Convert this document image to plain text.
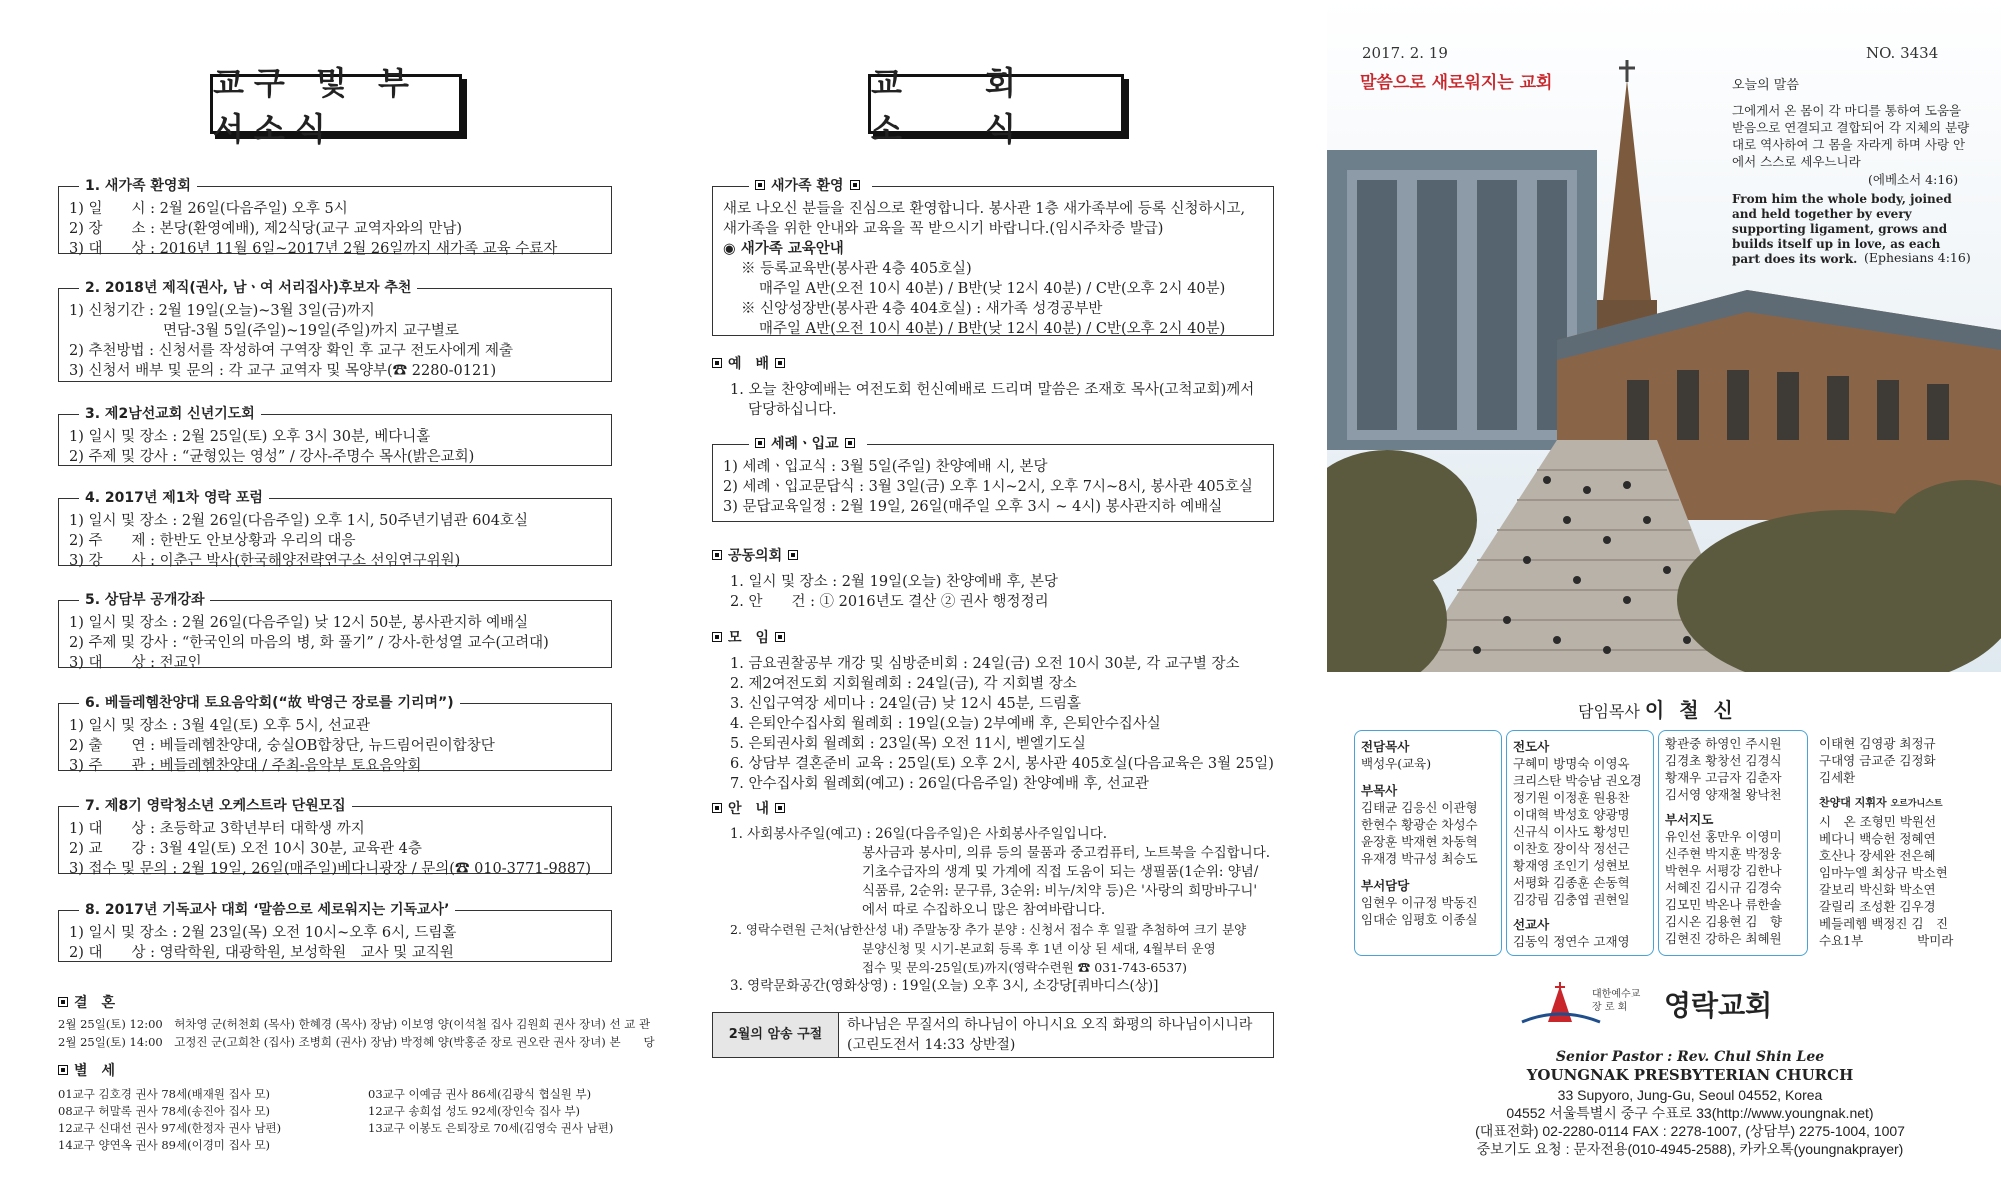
교구 및 부서소식
1. 새가족 환영회
1) 일　　시 : 2월 26일(다음주일) 오후 5시
2) 장　　소 : 본당(환영예배), 제2식당(교구 교역자와의 만남)
3) 대　　상 : 2016년 11월 6일~2017년 2월 26일까지 새가족 교육 수료자
2. 2018년 제직(권사, 남ㆍ여 서리집사)후보자 추천
1) 신청기간 : 2월 19일(오늘)~3월 3일(금)까지
면담-3월 5일(주일)~19일(주일)까지 교구별로
2) 추천방법 : 신청서를 작성하여 구역장 확인 후 교구 전도사에게 제출
3) 신청서 배부 및 문의 : 각 교구 교역자 및 목양부(☎ 2280-0121)
3. 제2남선교회 신년기도회
1) 일시 및 장소 : 2월 25일(토) 오후 3시 30분, 베다니홀
2) 주제 및 강사 : “균형있는 영성” / 강사-주명수 목사(밝은교회)
4. 2017년 제1차 영락 포럼
1) 일시 및 장소 : 2월 26일(다음주일) 오후 1시, 50주년기념관 604호실
2) 주　　제 : 한반도 안보상황과 우리의 대응
3) 강　　사 : 이춘근 박사(한국해양전략연구소 선임연구위원)
5. 상담부 공개강좌
1) 일시 및 장소 : 2월 26일(다음주일) 낮 12시 50분, 봉사관지하 예배실
2) 주제 및 강사 : “한국인의 마음의 병, 화 풀기” / 강사-한성열 교수(고려대)
3) 대　　상 : 전교인
6. 베들레헴찬양대 토요음악회(“故 박영근 장로를 기리며”)
1) 일시 및 장소 : 3월 4일(토) 오후 5시, 선교관
2) 출　　연 : 베들레헴찬양대, 숭실OB합창단, 뉴드림어린이합창단
3) 주　　관 : 베들레헴찬양대 / 주최-음악부 토요음악회
7. 제8기 영락청소년 오케스트라 단원모집
1) 대　　상 : 초등학교 3학년부터 대학생 까지
2) 교　　강 : 3월 4일(토) 오전 10시 30분, 교육관 4층
3) 접수 및 문의 : 2월 19일, 26일(매주일)베다니광장 / 문의(☎ 010-3771-9887)
8. 2017년 기독교사 대회 ‘말씀으로 세로워지는 기독교사’
1) 일시 및 장소 : 2월 23일(목) 오전 10시~오후 6시, 드림홀
2) 대　　상 : 영락학원, 대광학원, 보성학원　교사 및 교직원
결　혼
2월 25일(토) 12:00　허차영 군(허천회 (목사) 한혜경 (목사) 장남) 이보영 양(이석철 집사 김원희 권사 장녀) 선 교 관
2월 25일(토) 14:00　고정진 군(고희찬 (집사) 조병희 (권사) 장남) 박정혜 양(박홍준 장로 권오란 권사 장녀) 본　　당
별　세
01교구 김호경 권사 78세(배재원 집사 모)
08교구 허말록 권사 78세(송진아 집사 모)
12교구 신대선 권사 97세(한정자 권사 남편)
14교구 양연옥 권사 89세(이경미 집사 모)
03교구 이예금 권사 86세(김광식 협실원 부)
12교구 송희섭 성도 92세(장인숙 집사 부)
13교구 이봉도 은퇴장로 70세(김영숙 권사 남편)
교 회 소 식
새가족 환영
새로 나오신 분들을 진심으로 환영합니다. 봉사관 1층 새가족부에 등록 신청하시고,
새가족을 위한 안내와 교육을 꼭 받으시기 바랍니다.(임시주차증 발급)
◉ 새가족 교육안내
※ 등록교육반(봉사관 4층 405호실)
매주일 A반(오전 10시 40분) / B반(낮 12시 40분) / C반(오후 2시 40분)
※ 신앙성장반(봉사관 4층 404호실) : 새가족 성경공부반
매주일 A반(오전 10시 40분) / B반(낮 12시 40분) / C반(오후 2시 40분)
예　배
1. 오늘 찬양예배는 여전도회 헌신예배로 드리며 말씀은 조재호 목사(고척교회)께서
담당하십니다.
세례ㆍ입교
1) 세례ㆍ입교식 : 3월 5일(주일) 찬양예배 시, 본당
2) 세례ㆍ입교문답식 : 3월 3일(금) 오후 1시~2시, 오후 7시~8시, 봉사관 405호실
3) 문답교육일정 : 2월 19일, 26일(매주일 오후 3시 ~ 4시) 봉사관지하 예배실
공동의회
1. 일시 및 장소 : 2월 19일(오늘) 찬양예배 후, 본당
2. 안　　건 : ① 2016년도 결산 ② 권사 행정정리
모　임
1. 금요권찰공부 개강 및 심방준비회 : 24일(금) 오전 10시 30분, 각 교구별 장소
2. 제2여전도회 지회월례회 : 24일(금), 각 지회별 장소
3. 신입구역장 세미나 : 24일(금) 낮 12시 45분, 드림홀
4. 은퇴안수집사회 월례회 : 19일(오늘) 2부예배 후, 은퇴안수집사실
5. 은퇴권사회 월례회 : 23일(목) 오전 11시, 벧엘기도실
6. 상담부 결혼준비 교육 : 25일(토) 오후 2시, 봉사관 405호실(다음교육은 3월 25일)
7. 안수집사회 월례회(예고) : 26일(다음주일) 찬양예배 후, 선교관
안　내
1. 사회봉사주일(예고) : 26일(다음주일)은 사회봉사주일입니다.
봉사금과 봉사미, 의류 등의 물품과 중고컴퓨터, 노트북을 수집합니다.
기초수급자의 생계 및 가계에 직접 도움이 되는 생필품(1순위: 양념/
식품류, 2순위: 문구류, 3순위: 비누/치약 등)은 '사랑의 희망바구니'
에서 따로 수집하오니 많은 참여바랍니다.
2. 영락수련원 근처(남한산성 내) 주말농장 추가 분양 : 신청서 접수 후 일괄 추첨하여 크기 분양
분양신청 및 시기-본교회 등록 후 1년 이상 된 세대, 4월부터 운영
접수 및 문의-25일(토)까지(영락수련원 ☎ 031-743-6537)
3. 영락문화공간(영화상영) : 19일(오늘) 오후 3시, 소강당[쿼바디스(상)]
2월의 암송 구절
하나님은 무질서의 하나님이 아니시요 오직 화평의 하나님이시니라
(고린도전서 14:33 상반절)
2017. 2. 19	NO. 3434
말씀으로 새로워지는 교회	오늘의 말씀
그에게서 온 몸이 각 마디를 통하여 도움을 받음으로 연결되고 결합되어 각 지체의 분량대로 역사하여 그 몸을 자라게 하며 사랑 안에서 스스로 세우느니라
(에베소서 4:16)
From him the whole body, joined and held together by every supporting ligament, grows and builds itself up in love, as each part does its work. (Ephesians 4:16)
담임목사 이 철 신
전담목사
백성우(교육)
부목사
김태균 김응신 이관형
한현수 황광순 차성수
윤장훈 박재현 차동혁
유재경 박규성 최승도
부서담당
임현우 이규정 박동진
임대순 임평호 이종실
전도사
구혜미 방명숙 이영옥
크리스탄 박승남 권오경
정기원 이정훈 원용찬
이대혁 박성호 양광명
신규식 이사도 황성민
이찬호 장이삭 정선근
황재영 조인기 성현보
서평화 김종훈 손동혁
김강림 김충엽 권현일
선교사
김동익 정연수 고재영
황관중 하영인 주시원
김경초 황창선 김경식
황재우 고금자 김춘자
김서영 양재철 왕낙천
부서지도
유인선 홍만우 이영미
신주현 박지훈 박정웅
박현우 서평강 김한나
서혜진 김시규 김경숙
김모민 박온나 류한솔
김시온 김용현 김　향
김현진 강하은 최혜원
이태현 김영광 최정규
구대영 금교준 김정화
김세환
찬양대 지휘자 오르가니스트
시　온 조형민 박원선
베다니 백승헌 정혜연
호산나 장세완 전은혜
임마누엘 최상규 박소현
갈보리 박신화 박소연
갈릴리 조성환 김우경
베들레헴 백정진 김　진
수요1부　　　　 박미라
대한예수교
장 로 회	영락교회
Senior Pastor : Rev. Chul Shin Lee
YOUNGNAK PRESBYTERIAN CHURCH
33 Supyoro, Jung-Gu, Seoul 04552, Korea
04552 서울특별시 중구 수표로 33(http://www.youngnak.net)
(대표전화) 02-2280-0114 FAX : 2278-1007, (상담부) 2275-1004, 1007
중보기도 요청 : 문자전용(010-4945-2588), 카카오톡(youngnakprayer)
